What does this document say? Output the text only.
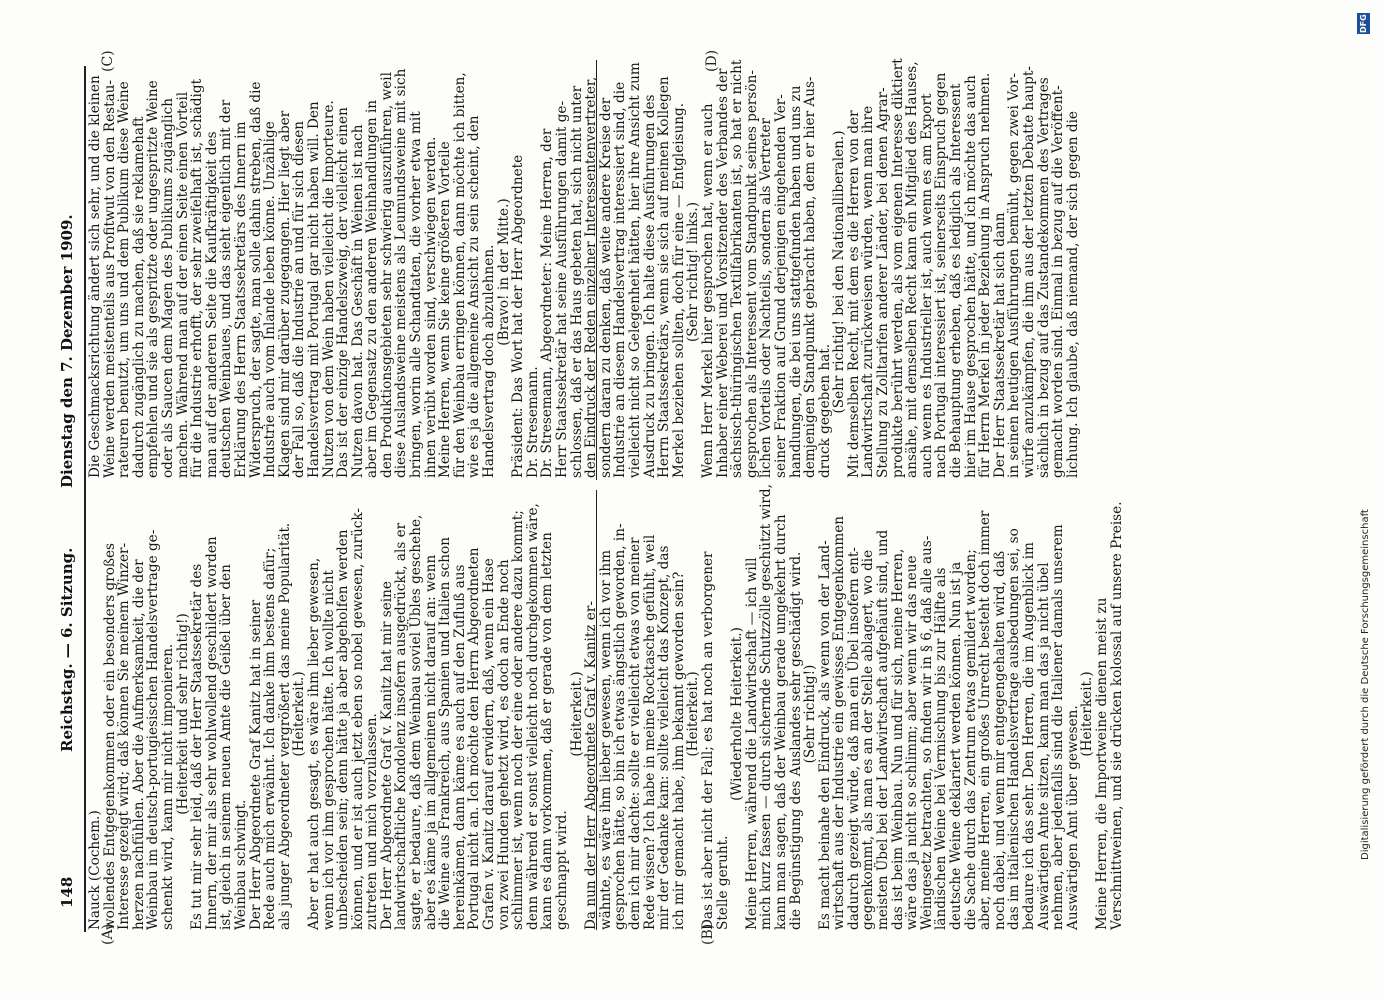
148
Reichstag. — 6. Sitzung.
Dienstag den 7. Dezember 1909.
(A)	(B)
(C)	(D)

Nauck (Cochem.)

wollendes Entgegenkommen oder ein besonders großes

Interesse gezeigt wird; daß können Sie meinem Winzer-

herzen nachfühlen. Aber die Aufmerksamkeit, die der

Weinbau im deutsch-portugiesischen Handelsvertrage ge-

schenkt wird, kann mir nicht imponieren.

(Heiterkeit und sehr richtig!)

Es tut mir sehr leid, daß der Herr Staatssekretär des

Innern, der mir als sehr wohlwollend geschildert worden

ist, gleich in seinem neuen Amte die Geißel über den

Weinbau schwingt.

Der Herr Abgeordnete Graf Kanitz hat in seiner

Rede auch mich erwähnt. Ich danke ihm bestens dafür;

als junger Abgeordneter vergrößert das meine Popularität.

(Heiterkeit.)

Aber er hat auch gesagt, es wäre ihm lieber gewesen,

wenn ich vor ihm gesprochen hätte. Ich wollte nicht

unbescheiden sein; denn hätte ja aber abgeholfen werden

können, und er ist auch jetzt eben so nobel gewesen, zurück-

zutreten und mich vorzulassen.

Der Herr Abgeordnete Graf v. Kanitz hat mir seine

landwirtschaftliche Kondolenz insofern ausgedrückt, als er

sagte, er bedaure, daß dem Weinbau soviel Übles geschehe,

aber es käme ja im allgemeinen nicht darauf an: wenn

die Weine aus Frankreich, aus Spanien und Italien schon

hereinkämen, dann käme es auch auf den Zufluß aus

Portugal nicht an. Ich möchte den Herrn Abgeordneten

Grafen v. Kanitz darauf erwidern, daß, wenn ein Hase

von zwei Hunden gehetzt wird, es doch an Ende noch

schlimmer ist, wenn noch der eine oder andere dazu kommt;

denn während er sonst vielleicht noch durchgekommen wäre,

kann es dann vorkommen, daß er gerade von dem letzten

geschnappt wird.

(Heiterkeit.)

Da nun der Herr Abgeordnete Graf v. Kanitz er-

wähnte, es wäre ihm lieber gewesen, wenn ich vor ihm

gesprochen hätte, so bin ich etwas ängstlich geworden, in-

dem ich mir dachte: sollte er vielleicht etwas von meiner

Rede wissen? Ich habe in meine Rocktasche gefühlt, weil

mir der Gedanke kam: sollte vielleicht das Konzept, das

ich mir gemacht habe, ihm bekannt geworden sein?

(Heiterkeit.)

Das ist aber nicht der Fall; es hat noch an verborgener

Stelle geruht.

(Wiederholte Heiterkeit.)

Meine Herren, während die Landwirtschaft — ich will

mich kurz fassen — durch sichernde Schutzzölle geschützt wird,

kann man sagen, daß der Weinbau gerade umgekehrt durch

die Begünstigung des Auslandes sehr geschädigt wird.

(Sehr richtig!)

Es macht beinahe den Eindruck, als wenn von der Land-

wirtschaft aus der Industrie ein gewisses Entgegenkommen

dadurch gezeigt würde, daß man ein Übel insofern ent-

gegenkommt, als man es an der Stelle ablagert, wo die

meisten Übel bei der Landwirtschaft aufgehäuft sind, und

das ist beim Weinbau. Nun und für sich, meine Herren,

wäre das ja nicht so schlimm; aber wenn wir das neue

Weingesetz betrachten, so finden wir in § 6, daß alle aus-

ländischen Weine bei Vermischung bis zur Hälfte als

deutsche Weine deklariert werden können. Nun ist ja

die Sache durch das Zentrum etwas gemildert worden;

aber, meine Herren, ein großes Unrecht besteht doch immer

noch dabei, und wenn mir entgegengehalten wird, daß

das im italienischen Handelsvertrage ausbedungen sei, so

bedaure ich das sehr. Den Herren, die im Augenblick im

Auswärtigen Amte sitzen, kann man das ja nicht übel

nehmen, aber jedenfalls sind die Italiener damals unserem

Auswärtigen Amt über gewesen.

(Heiterkeit.)

Meine Herren, die Importweine dienen meist zu

Verschnittweinen, und sie drücken kolossal auf unsere Preise.

Die Geschmacksrichtung ändert sich sehr, und die kleinen

Weine werden meistenteils aus Profitwut von den Restau-

rateuren benutzt, um uns und dem Publikum diese Weine

dadurch zugänglich zu machen, daß sie reklamehaft

empfehlen und sie als gespritzte oder ungespritzte Weine

oder als Saucen dem Magen des Publikums zugänglich

machen. Während man auf der einen Seite einen Vorteil

für die Industrie erhofft, der sehr zweifelhaft ist, schädigt

man auf der anderen Seite die Kaufkräftigkeit des

deutschen Weinbaues, und das sieht eigentlich mit der

Erklärung des Herrn Staatssekretärs des Innern im

Widerspruch, der sagte, man solle dahin streben, daß die

Industrie auch vom Inlande leben könne. Unzählige

Klagen sind mir darüber zugegangen. Hier liegt aber

der Fall so, daß die Industrie an und für sich diesen

Handelsvertrag mit Portugal gar nicht haben will. Den

Nutzen von dem Wein haben vielleicht die Importeure.

Das ist der einzige Handelszweig, der vielleicht einen

Nutzen davon hat. Das Geschäft in Weinen ist nach

aber im Gegensatz zu den anderen Weinhandlungen in

den Produktionsgebieten sehr schwierig auszuführen, weil

diese Auslandsweine meistens als Leumundsweine mit sich

bringen, worin alle Schandtaten, die vorher etwa mit

ihnen verübt worden sind, verschwiegen werden.

Meine Herren, wenn Sie keine größeren Vorteile

für den Weinbau erringen können, dann möchte ich bitten,

wie es ja die allgemeine Ansicht zu sein scheint, den

Handelsvertrag doch abzulehnen.

(Bravo! in der Mitte.)

Präsident: Das Wort hat der Herr Abgeordnete

Dr. Stresemann.

Dr. Stresemann, Abgeordneter: Meine Herren, der

Herr Staatssekretär hat seine Ausführungen damit ge-

schlossen, daß er das Haus gebeten hat, sich nicht unter

den Eindruck der Reden einzelner Interessentenvertreter,

sondern daran zu denken, daß weite andere Kreise der

Industrie an diesem Handelsvertrag interessiert sind, die

vielleicht nicht so Gelegenheit hätten, hier ihre Ansicht zum

Ausdruck zu bringen. Ich halte diese Ausführungen des

Herrn Staatssekretärs, wenn sie sich auf meinen Kollegen

Merkel beziehen sollten, doch für eine — Entgleisung.

(Sehr richtig! links.)

Wenn Herr Merkel hier gesprochen hat, wenn er auch

Inhaber einer Weberei und Vorsitzender des Verbandes der

sächsisch-thüringischen Textilfabrikanten ist, so hat er nicht

gesprochen als Interessent vom Standpunkt seines persön-

lichen Vorteils oder Nachteils, sondern als Vertreter

seiner Fraktion auf Grund derjenigen eingehenden Ver-

handlungen, die bei uns stattgefunden haben und uns zu

demjenigen Standpunkt gebracht haben, dem er hier Aus-

druck gegeben hat.

(Sehr richtig! bei den Nationalliberalen.)

Mit demselben Recht, mit dem es die Herren von der

Landwirtschaft zurückweisen würden, wenn man ihre

Stellung zu Zolltarifen anderer Länder, bei denen Agrar-

produkte berührt werden, als vom eigenen Interesse diktiert

ansähe, mit demselben Recht kann ein Mitglied des Hauses,

auch wenn es Industrieller ist, auch wenn es am Export

nach Portugal interessiert ist, seinerseits Einspruch gegen

die Behauptung erheben, daß es lediglich als Interessent

hier im Hause gesprochen hätte, und ich möchte das auch

für Herrn Merkel in jeder Beziehung in Anspruch nehmen.

Der Herr Staatssekretär hat sich dann

in seinen heutigen Ausführungen bemüht, gegen zwei Vor-

würfe anzukämpfen, die ihm aus der letzten Debatte haupt-

sächlich in bezug auf das Zustandekommen des Vertrages

gemacht worden sind. Einmal in bezug auf die Veröffent-

lichung. Ich glaube, daß niemand, der sich gegen die

Digitalisierung gefördert durch die Deutsche Forschungsgemeinschaft
DFG
